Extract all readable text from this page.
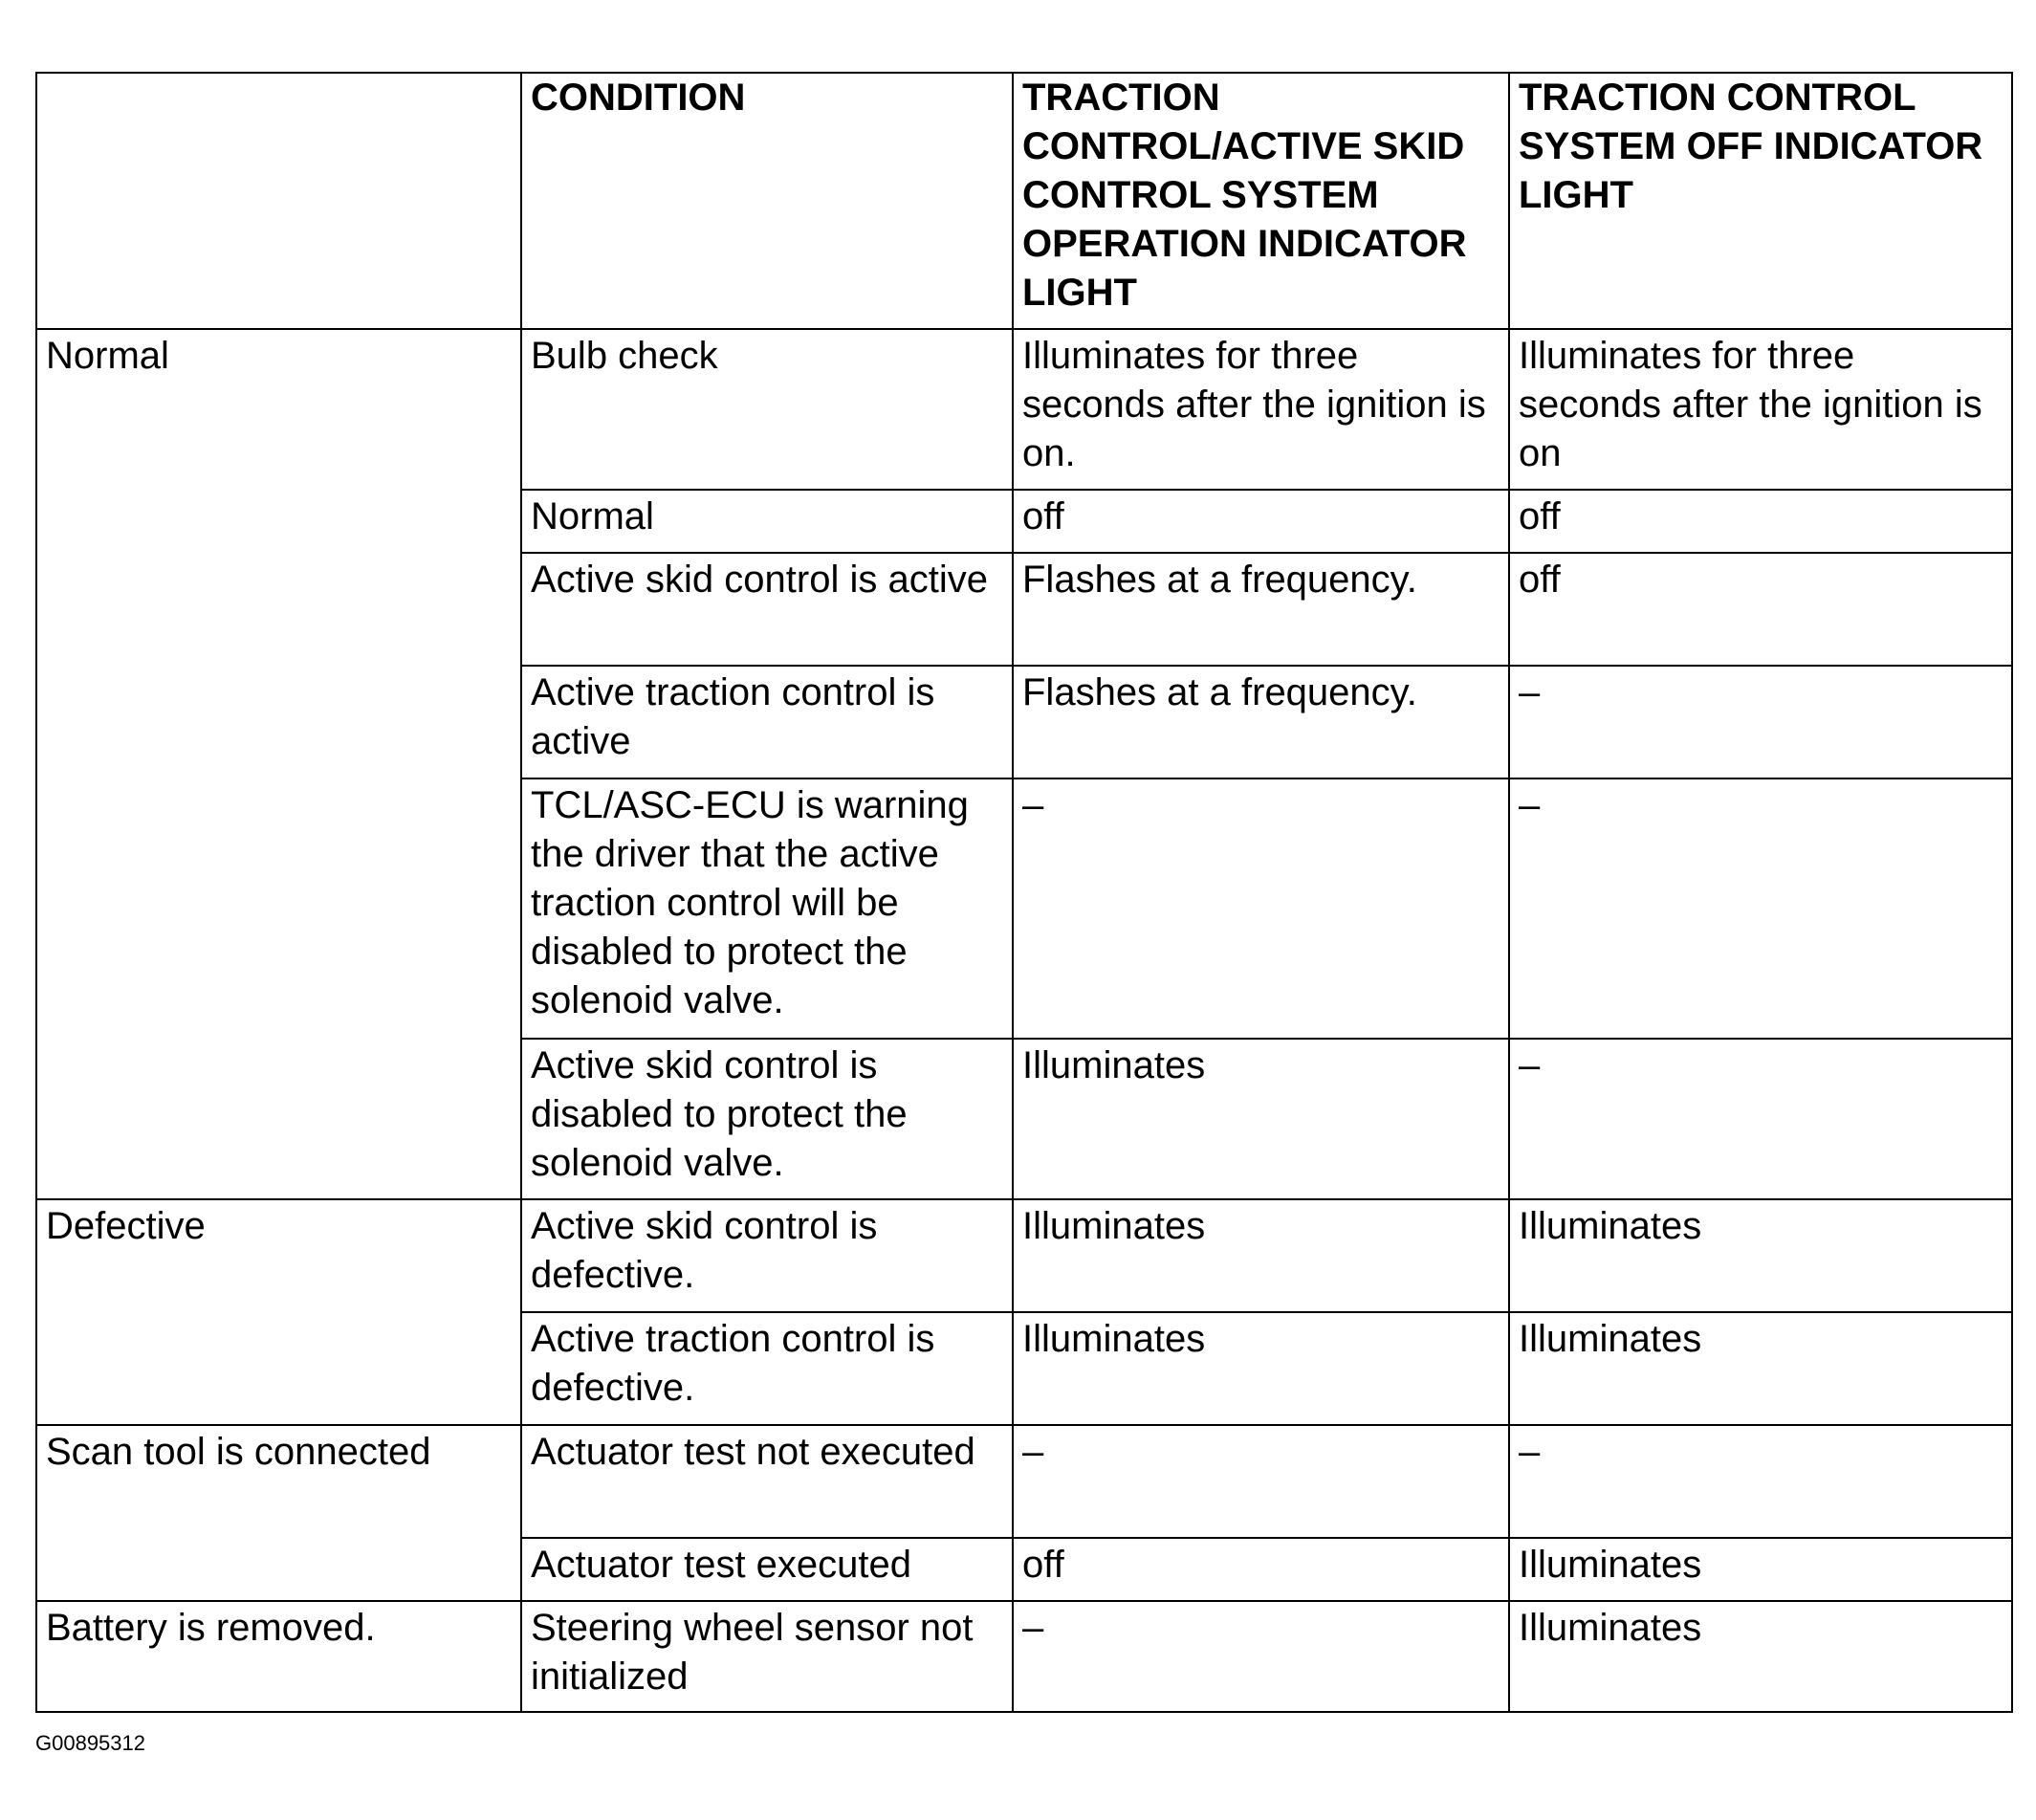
	CONDITION	TRACTION CONTROL/ACTIVE SKID CONTROL SYSTEM OPERATION INDICATOR LIGHT	TRACTION CONTROL SYSTEM OFF INDICATOR LIGHT
Normal	Bulb check	Illuminates for three seconds after the ignition is on.	Illuminates for three seconds after the ignition is on
	Normal	off	off
	Active skid control is active	Flashes at a frequency.	off
	Active traction control is active	Flashes at a frequency.	–
	TCL/ASC-ECU is warning the driver that the active traction control will be disabled to protect the solenoid valve.	–	–
	Active skid control is disabled to protect the solenoid valve.	Illuminates	–
Defective	Active skid control is defective.	Illuminates	Illuminates
	Active traction control is defective.	Illuminates	Illuminates
Scan tool is connected	Actuator test not executed	–	–
	Actuator test executed	off	Illuminates
Battery is removed.	Steering wheel sensor not initialized	–	Illuminates
G00895312
